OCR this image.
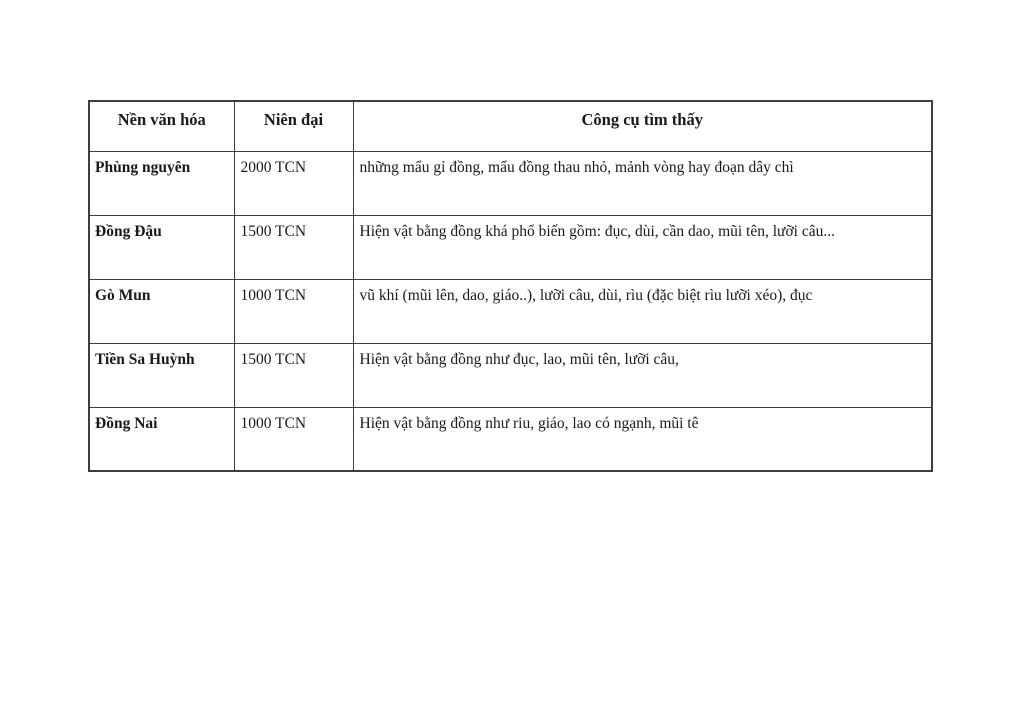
Nền văn hóa	Niên đại	Công cụ tìm thấy
Phùng nguyên	2000 TCN	những mẩu gỉ đồng, mẩu đồng thau nhỏ, mảnh vòng hay đoạn dây chì
Đồng Đậu	1500 TCN	Hiện vật bằng đồng khá phổ biến gồm: đục, dùi, cần dao, mũi tên, lưỡi câu...
Gò Mun	1000 TCN	vũ khí (mũi lên, dao, giáo..), lưỡi câu, dùi, rìu (đặc biệt rìu lưỡi xéo), đục
Tiền Sa Huỳnh	1500 TCN	Hiện vật bằng đồng như đục, lao, mũi tên, lưỡi câu,
Đồng Nai	1000 TCN	Hiện vật bằng đồng như riu, giáo, lao có ngạnh, mũi tê
